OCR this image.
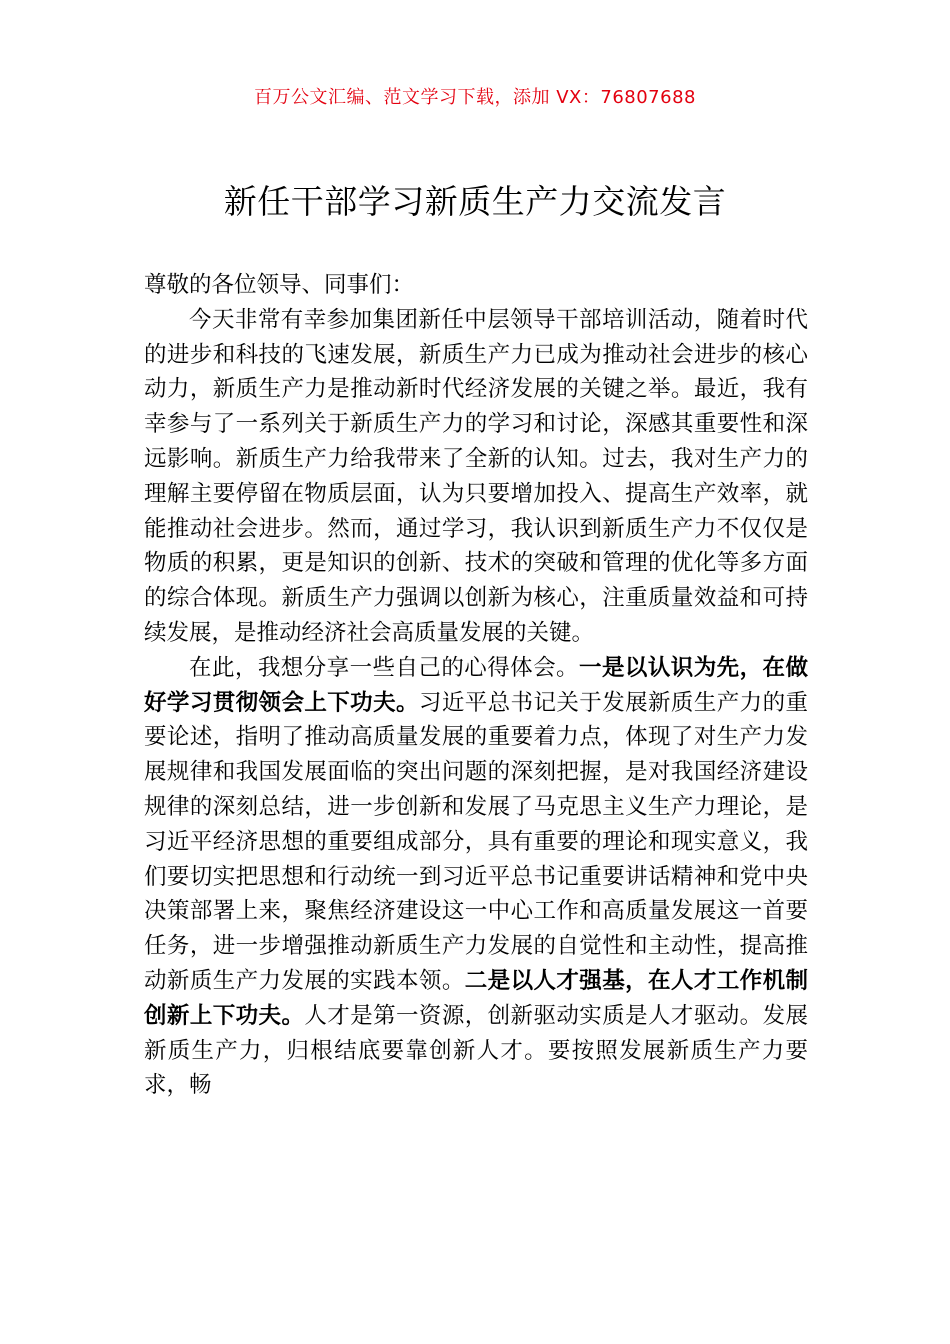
百万公文汇编、范文学习下载，添加 VX：76807688
新任干部学习新质生产力交流发言

尊敬的各位领导、同事们：

今天非常有幸参加集团新任中层领导干部培训活动，随着时代的进步和科技的飞速发展，新质生产力已成为推动社会进步的核心动力，新质生产力是推动新时代经济发展的关键之举。最近，我有幸参与了一系列关于新质生产力的学习和讨论，深感其重要性和深远影响。新质生产力给我带来了全新的认知。过去，我对生产力的理解主要停留在物质层面，认为只要增加投入、提高生产效率，就能推动社会进步。然而，通过学习，我认识到新质生产力不仅仅是物质的积累，更是知识的创新、技术的突破和管理的优化等多方面的综合体现。新质生产力强调以创新为核心，注重质量效益和可持续发展，是推动经济社会高质量发展的关键。

在此，我想分享一些自己的心得体会。一是以认识为先，在做好学习贯彻领会上下功夫。习近平总书记关于发展新质生产力的重要论述，指明了推动高质量发展的重要着力点，体现了对生产力发展规律和我国发展面临的突出问题的深刻把握，是对我国经济建设规律的深刻总结，进一步创新和发展了马克思主义生产力理论，是习近平经济思想的重要组成部分，具有重要的理论和现实意义，我们要切实把思想和行动统一到习近平总书记重要讲话精神和党中央决策部署上来，聚焦经济建设这一中心工作和高质量发展这一首要任务，进一步增强推动新质生产力发展的自觉性和主动性，提高推动新质生产力发展的实践本领。二是以人才强基，在人才工作机制创新上下功夫。人才是第一资源，创新驱动实质是人才驱动。发展新质生产力，归根结底要靠创新人才。要按照发展新质生产力要求，畅
